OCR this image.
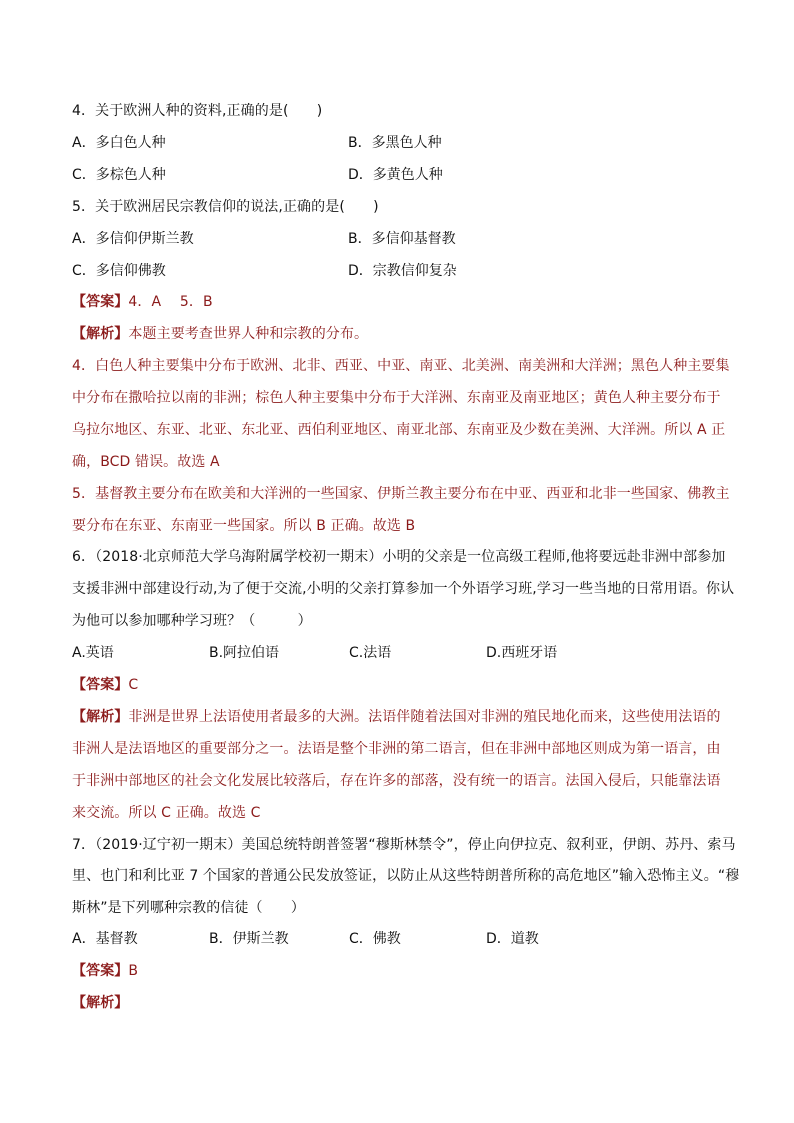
4．关于欧洲人种的资料,正确的是(　　)
A．多白色人种	B．多黑色人种
C．多棕色人种	D．多黄色人种
5．关于欧洲居民宗教信仰的说法,正确的是(　　)
A．多信仰伊斯兰教	B．多信仰基督教
C．多信仰佛教	D．宗教信仰复杂
【答案】4．A　 5．B
【解析】本题主要考查世界人种和宗教的分布。
4．白色人种主要集中分布于欧洲、北非、西亚、中亚、南亚、北美洲、南美洲和大洋洲；黑色人种主要集
中分布在撒哈拉以南的非洲；棕色人种主要集中分布于大洋洲、东南亚及南亚地区；黄色人种主要分布于
乌拉尔地区、东亚、北亚、东北亚、西伯利亚地区、南亚北部、东南亚及少数在美洲、大洋洲。所以 A 正
确，BCD 错误。故选 A
5．基督教主要分布在欧美和大洋洲的一些国家、伊斯兰教主要分布在中亚、西亚和北非一些国家、佛教主
要分布在东亚、东南亚一些国家。所以 B 正确。故选 B
6．（2018·北京师范大学乌海附属学校初一期末）小明的父亲是一位高级工程师,他将要远赴非洲中部参加
支援非洲中部建设行动,为了便于交流,小明的父亲打算参加一个外语学习班,学习一些当地的日常用语。你认
为他可以参加哪种学习班？（　　　）
A.英语	B.阿拉伯语	C.法语	D.西班牙语
【答案】C
【解析】非洲是世界上法语使用者最多的大洲。法语伴随着法国对非洲的殖民地化而来，这些使用法语的
非洲人是法语地区的重要部分之一。法语是整个非洲的第二语言，但在非洲中部地区则成为第一语言，由
于非洲中部地区的社会文化发展比较落后，存在许多的部落，没有统一的语言。法国入侵后，只能靠法语
来交流。所以 C 正确。故选 C
7．（2019·辽宁初一期末）美国总统特朗普签署“穆斯林禁令”，停止向伊拉克、叙利亚，伊朗、苏丹、索马
里、也门和利比亚 7 个国家的普通公民发放签证，以防止从这些特朗普所称的高危地区”输入恐怖主义。“穆
斯林”是下列哪种宗教的信徒（　　）
A．基督教	B．伊斯兰教	C．佛教	D．道教
【答案】B
【解析】
